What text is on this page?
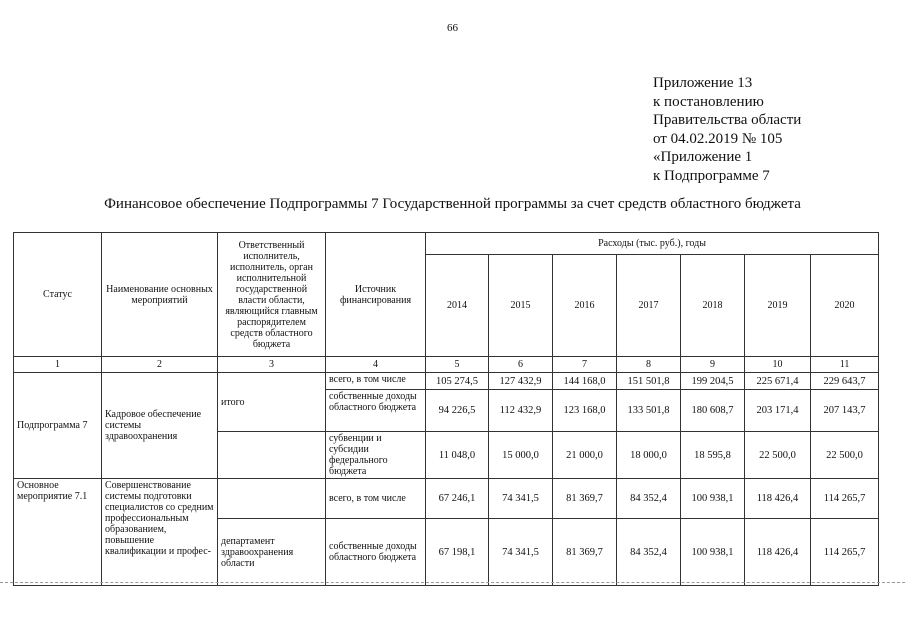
66
Приложение 13
к постановлению
Правительства области
от 04.02.2019 № 105
«Приложение 1
к Подпрограмме 7
Финансовое обеспечение Подпрограммы 7 Государственной программы за счет средств областного бюджета
Статус	Наименование основных мероприятий	Ответственный исполнитель, исполнитель, орган исполнительной государственной власти области, являющийся главным распорядителем средств областного бюджета	Источник финансирования	Расходы (тыс. руб.), годы						
				2014	2015	2016	2017	2018	2019	2020
1	2	3	4	5	6	7	8	9	10	11
Подпрограмма 7	Кадровое обеспечение системы здравоохранения	итого	всего, в том числе	105 274,5	127 432,9	144 168,0	151 501,8	199 204,5	225 671,4	229 643,7
			собственные доходы областного бюджета	94 226,5	112 432,9	123 168,0	133 501,8	180 608,7	203 171,4	207 143,7
			субвенции и субсидии федерального бюджета	11 048,0	15 000,0	21 000,0	18 000,0	18 595,8	22 500,0	22 500,0
Основное мероприятие 7.1	Совершенствование системы подготовки специалистов со средним профессиональным образованием, повышение квалификации и профес-		всего, в том числе	67 246,1	74 341,5	81 369,7	84 352,4	100 938,1	118 426,4	114 265,7
		департамент здравоохранения области	собственные доходы областного бюджета	67 198,1	74 341,5	81 369,7	84 352,4	100 938,1	118 426,4	114 265,7
